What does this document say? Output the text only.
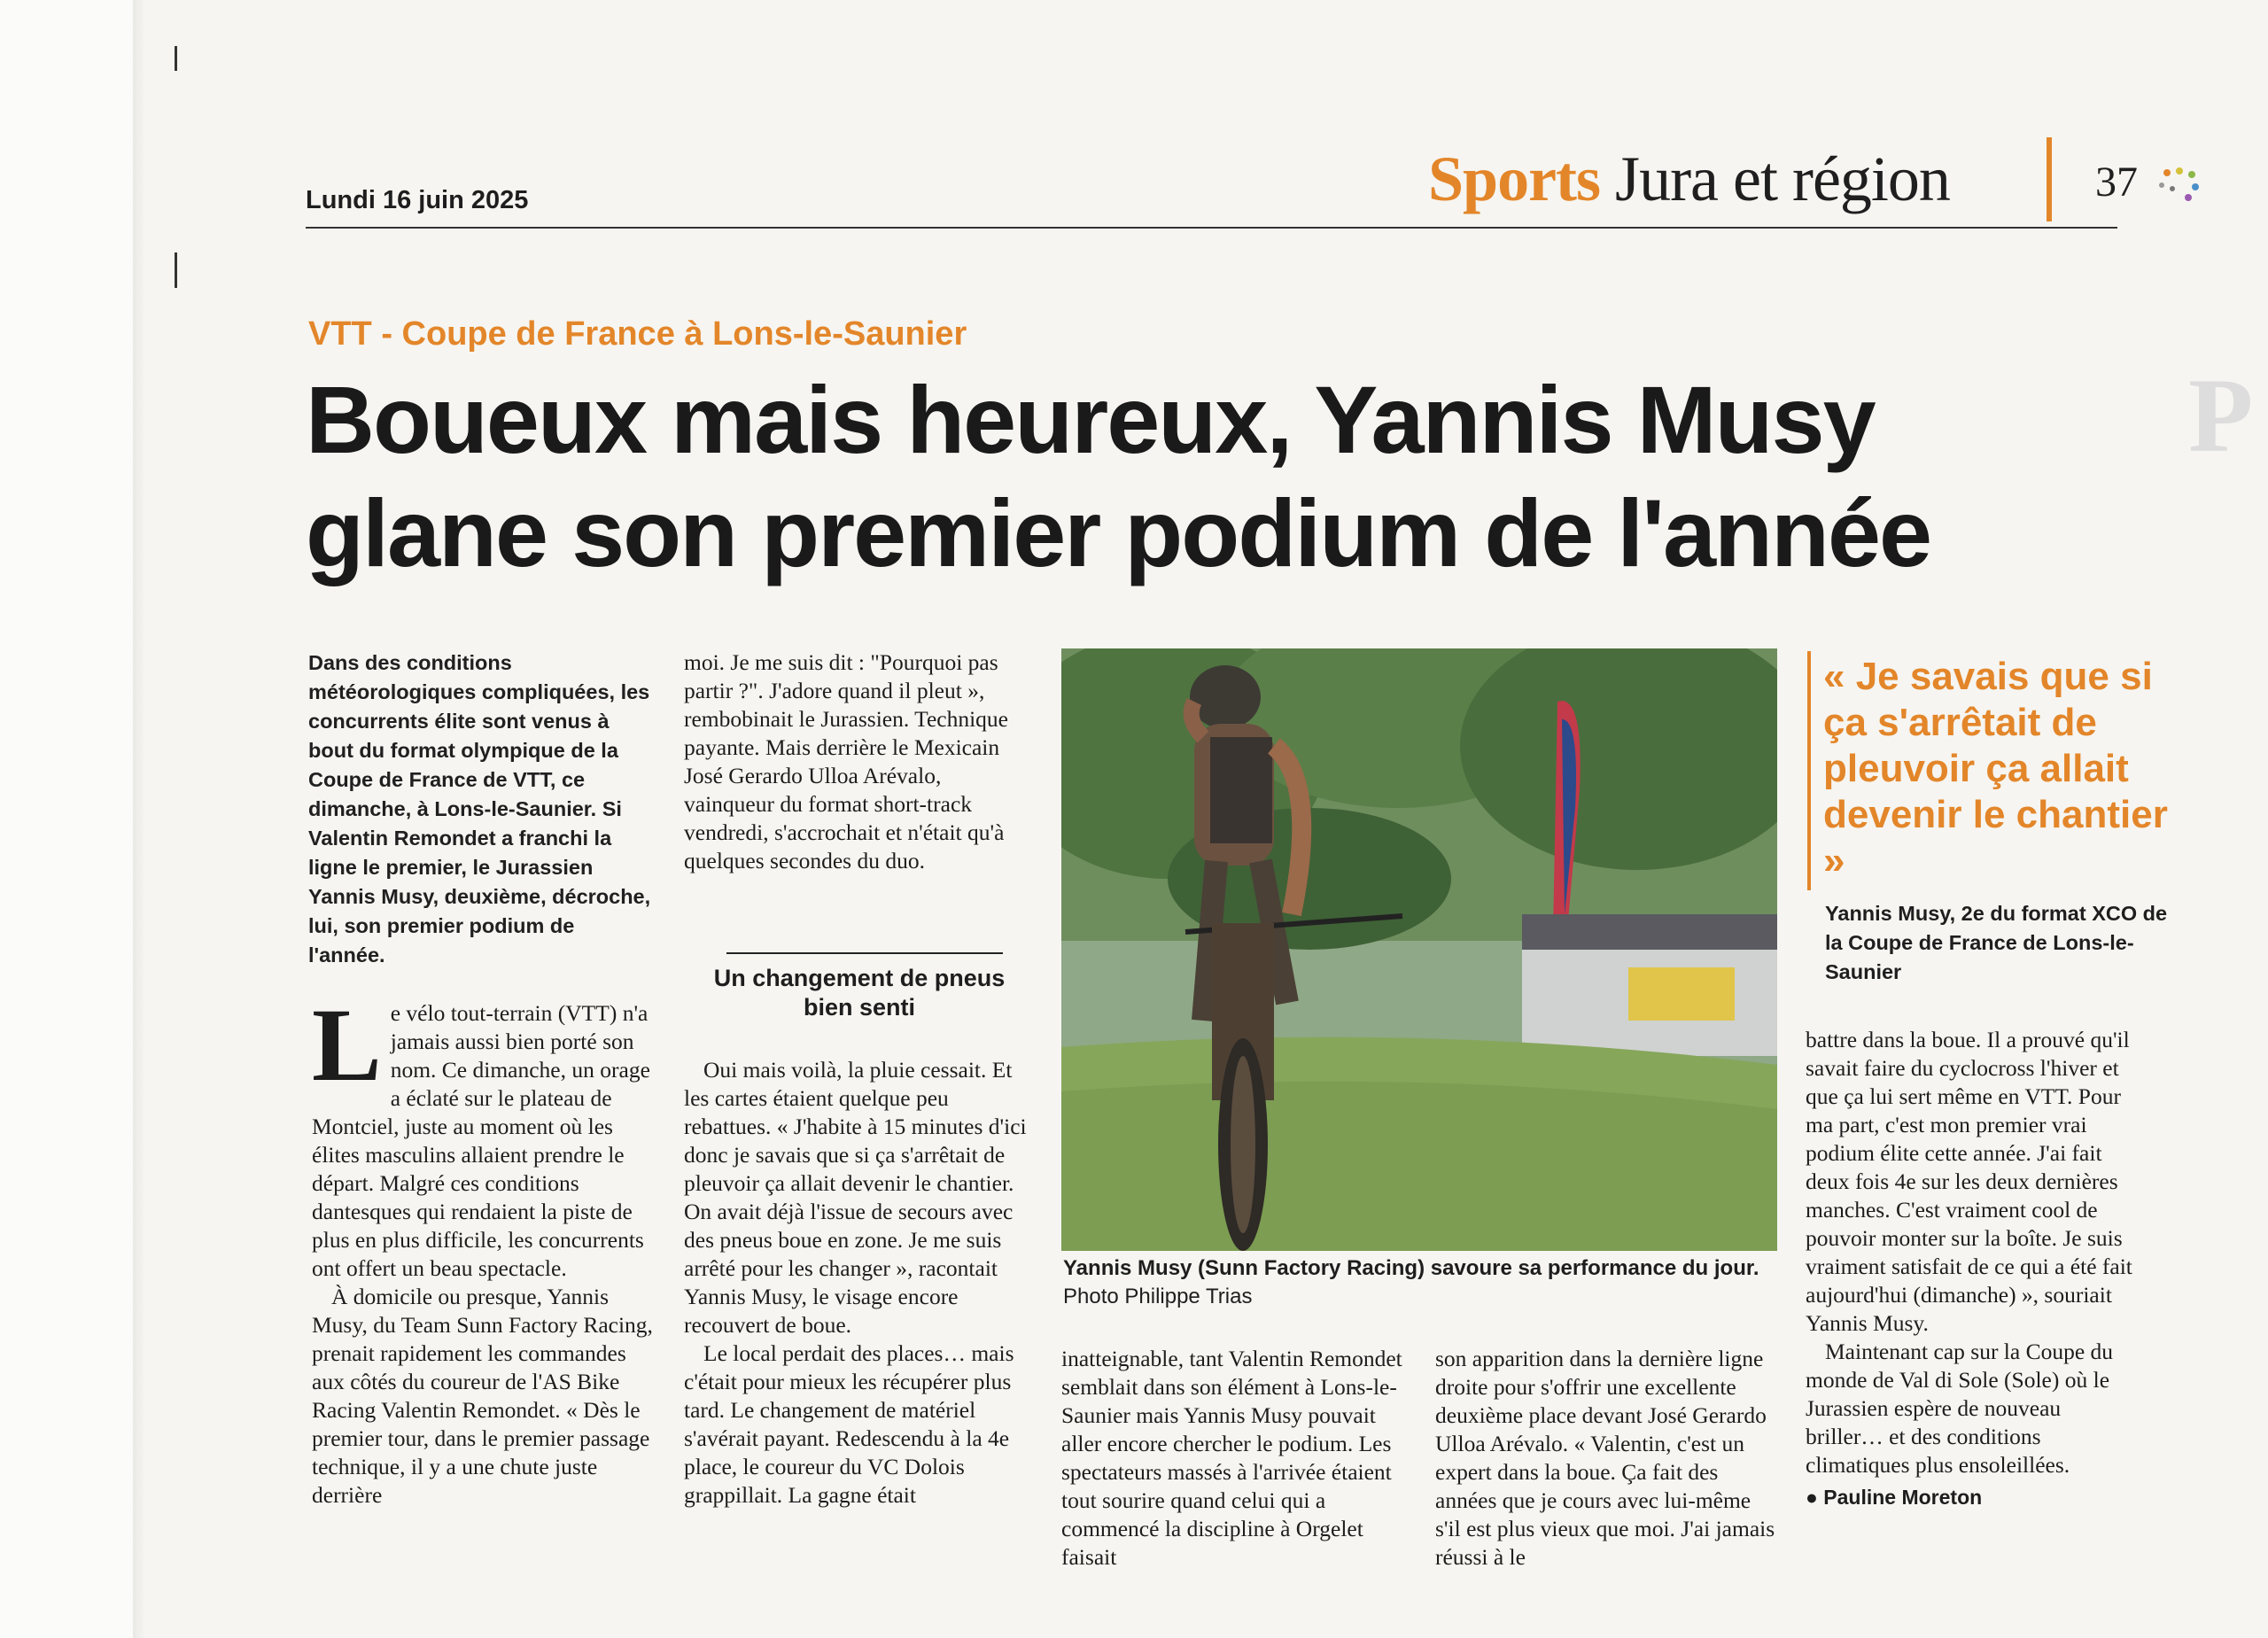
P
Lundi 16 juin 2025	Sports Jura et région	37
VTT - Coupe de France à Lons-le-Saunier
Boueux mais heureux, Yannis Musy
glane son premier podium de l'année
Dans des conditions météorologiques compliquées, les concurrents élite sont venus à bout du format olympique de la Coupe de France de VTT, ce dimanche, à Lons-le-Saunier. Si Valentin Remondet a franchi la ligne le premier, le Jurassien Yannis Musy, deuxième, décroche, lui, son premier podium de l'année.

Le vélo tout-terrain (VTT) n'a jamais aussi bien porté son nom. Ce dimanche, un orage a éclaté sur le plateau de Montciel, juste au moment où les élites masculins allaient prendre le départ. Malgré ces conditions dantesques qui rendaient la piste de plus en plus difficile, les concurrents ont offert un beau spectacle.

À domicile ou presque, Yannis Musy, du Team Sunn Factory Racing, prenait rapidement les commandes aux côtés du coureur de l'AS Bike Racing Valentin Remondet. « Dès le premier tour, dans le premier passage technique, il y a une chute juste derrière

moi. Je me suis dit : "Pourquoi pas partir ?". J'adore quand il pleut », rembobinait le Jurassien. Technique payante. Mais derrière le Mexicain José Gerardo Ulloa Arévalo, vainqueur du format short-track vendredi, s'accrochait et n'était qu'à quelques secondes du duo.

Un changement de pneus bien senti

Oui mais voilà, la pluie cessait. Et les cartes étaient quelque peu rebattues. « J'habite à 15 minutes d'ici donc je savais que si ça s'arrêtait de pleuvoir ça allait devenir le chantier. On avait déjà l'issue de secours avec des pneus boue en zone. Je me suis arrêté pour les changer », racontait Yannis Musy, le visage encore recouvert de boue.

Le local perdait des places… mais c'était pour mieux les récupérer plus tard. Le changement de matériel s'avérait payant. Redescendu à la 4e place, le coureur du VC Dolois grappillait. La gagne était

Yannis Musy (Sunn Factory Racing) savoure sa performance du jour. Photo Philippe Trias
« Je savais que si ça s'arrêtait de pleuvoir ça allait devenir le chantier »
Yannis Musy, 2e du format XCO de la Coupe de France de Lons-le-Saunier

inatteignable, tant Valentin Remondet semblait dans son élément à Lons-le-Saunier mais Yannis Musy pouvait aller encore chercher le podium. Les spectateurs massés à l'arrivée étaient tout sourire quand celui qui a commencé la discipline à Orgelet faisait

son apparition dans la dernière ligne droite pour s'offrir une excellente deuxième place devant José Gerardo Ulloa Arévalo. « Valentin, c'est un expert dans la boue. Ça fait des années que je cours avec lui-même s'il est plus vieux que moi. J'ai jamais réussi à le

battre dans la boue. Il a prouvé qu'il savait faire du cyclocross l'hiver et que ça lui sert même en VTT. Pour ma part, c'est mon premier vrai podium élite cette année. J'ai fait deux fois 4e sur les deux dernières manches. C'est vraiment cool de pouvoir monter sur la boîte. Je suis vraiment satisfait de ce qui a été fait aujourd'hui (dimanche) », souriait Yannis Musy.

Maintenant cap sur la Coupe du monde de Val di Sole (Sole) où le Jurassien espère de nouveau briller… et des conditions climatiques plus ensoleillées.

● Pauline Moreton
